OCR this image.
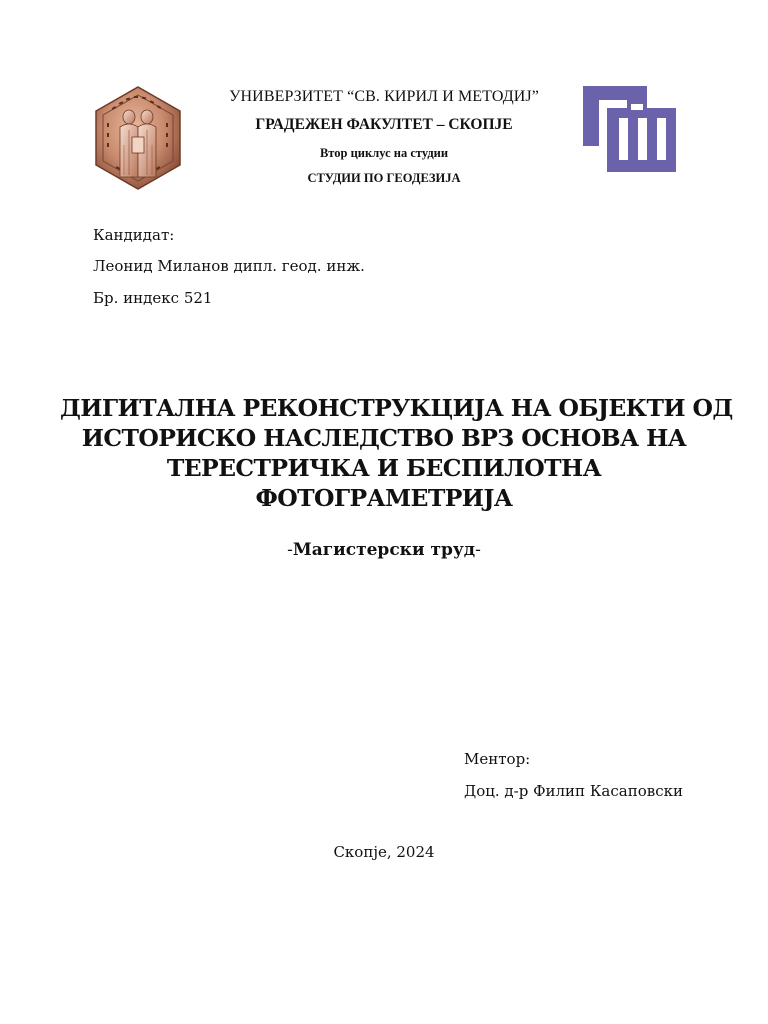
УНИВЕРЗИТЕТ “СВ. КИРИЛ И МЕТОДИЈ”
ГРАДЕЖЕН ФАКУЛТЕТ – СКОПЈЕ
Втор циклус на студии
СТУДИИ ПО ГЕОДЕЗИЈА
Кандидат:
Леонид Миланов дипл. геод. инж.
Бр. индекс 521
ДИГИТАЛНА РЕКОНСТРУКЦИЈА НА ОБЈЕКТИ ОД
ИСТОРИСКО НАСЛЕДСТВО ВРЗ ОСНОВА НА
ТЕРЕСТРИЧКА И БЕСПИЛОТНА
ФОТОГРАМЕТРИЈА
-Магистерски труд-
Ментор:
Доц. д-р Филип Касаповски
Скопје, 2024
